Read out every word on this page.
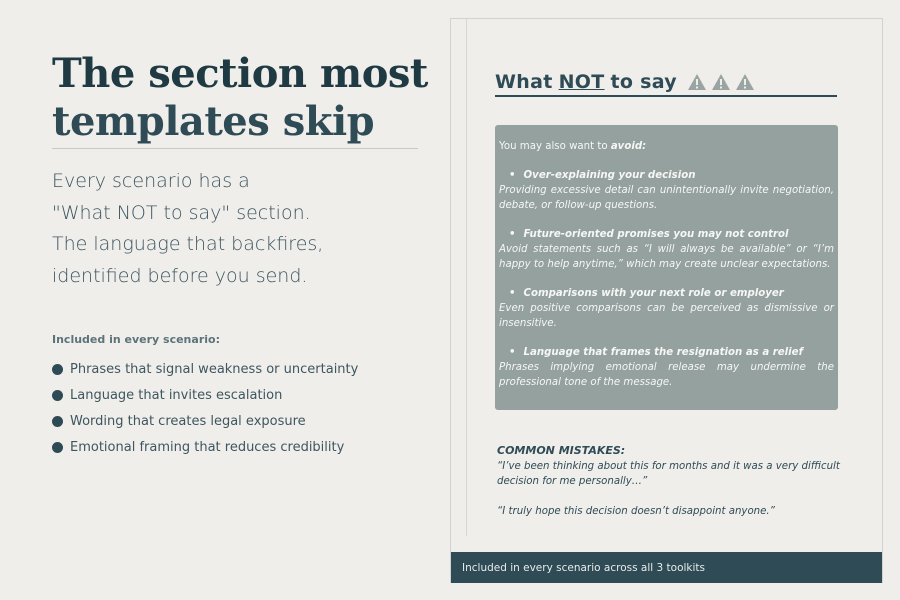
The section most
templates skip
Every scenario has a
"What NOT to say" section.
The language that backfires,
identified before you send.
Included in every scenario:
Phrases that signal weakness or uncertainty
Language that invites escalation
Wording that creates legal exposure
Emotional framing that reduces credibility
What NOT to say
You may also want to avoid:
• Over-explaining your decision
Providing excessive detail can unintentionally invite negotiation, debate, or follow-up questions.
• Future-oriented promises you may not control
Avoid statements such as “I will always be available” or “I’m happy to help anytime,” which may create unclear expectations.
• Comparisons with your next role or employer
Even positive comparisons can be perceived as dismissive or insensitive.
• Language that frames the resignation as a relief
Phrases implying emotional release may undermine the professional tone of the message.
COMMON MISTAKES:
“I’ve been thinking about this for months and it was a very difficult decision for me personally…”
“I truly hope this decision doesn’t disappoint anyone.”
Included in every scenario across all 3 toolkits
